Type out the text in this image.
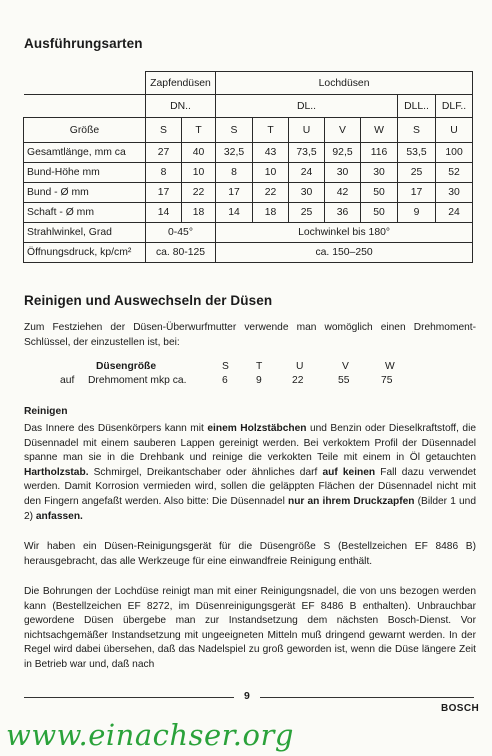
Ausführungsarten
	Zapfendüsen		Lochdüsen						
	DN..		DL..					DLL..	DLF..
Größe	S	T	S	T	U	V	W	S	U
Gesamtlänge, mm ca	27	40	32,5	43	73,5	92,5	116	53,5	100
Bund-Höhe mm	8	10	8	10	24	30	30	25	52
Bund - Ø mm	17	22	17	22	30	42	50	17	30
Schaft - Ø mm	14	18	14	18	25	36	50	9	24
Strahlwinkel, Grad	0-45°		Lochwinkel bis 180°						
Öffnungsdruck, kp/cm²	ca. 80-125		ca. 150–250						
Reinigen und Auswechseln der Düsen
Zum Festziehen der Düsen-Überwurfmutter verwende man womöglich einen Drehmoment-Schlüssel, der einzustellen ist, bei:
Düsengröße	S	T	U	V	W
auf Drehmoment mkp ca.	6	9	22	55	75
Reinigen
Das Innere des Düsenkörpers kann mit einem Holzstäbchen und Benzin oder Dieselkraftstoff, die Düsennadel mit einem sauberen Lappen gereinigt werden. Bei verkoktem Profil der Düsennadel spanne man sie in die Drehbank und reinige die verkokten Teile mit einem in Öl getauchten Hartholzstab. Schmirgel, Dreikantschaber oder ähnliches darf auf keinen Fall dazu verwendet werden. Damit Korrosion vermieden wird, sollen die geläppten Flächen der Düsennadel nicht mit den Fingern angefaßt werden. Also bitte: Die Düsennadel nur an ihrem Druckzapfen (Bilder 1 und 2) anfassen.
Wir haben ein Düsen-Reinigungsgerät für die Düsengröße S (Bestellzeichen EF 8486 B) herausgebracht, das alle Werkzeuge für eine einwandfreie Reinigung enthält.
Die Bohrungen der Lochdüse reinigt man mit einer Reinigungsnadel, die von uns bezogen werden kann (Bestellzeichen EF 8272, im Düsenreinigungsgerät EF 8486 B enthalten). Unbrauchbar gewordene Düsen übergebe man zur Instandsetzung dem nächsten Bosch-Dienst. Vor nichtsachgemäßer Instandsetzung mit ungeeigneten Mitteln muß dringend gewarnt werden. In der Regel wird dabei übersehen, daß das Nadelspiel zu groß geworden ist, wenn die Düse längere Zeit in Betrieb war und, daß nach
9
BOSCH
www.einachser.org
